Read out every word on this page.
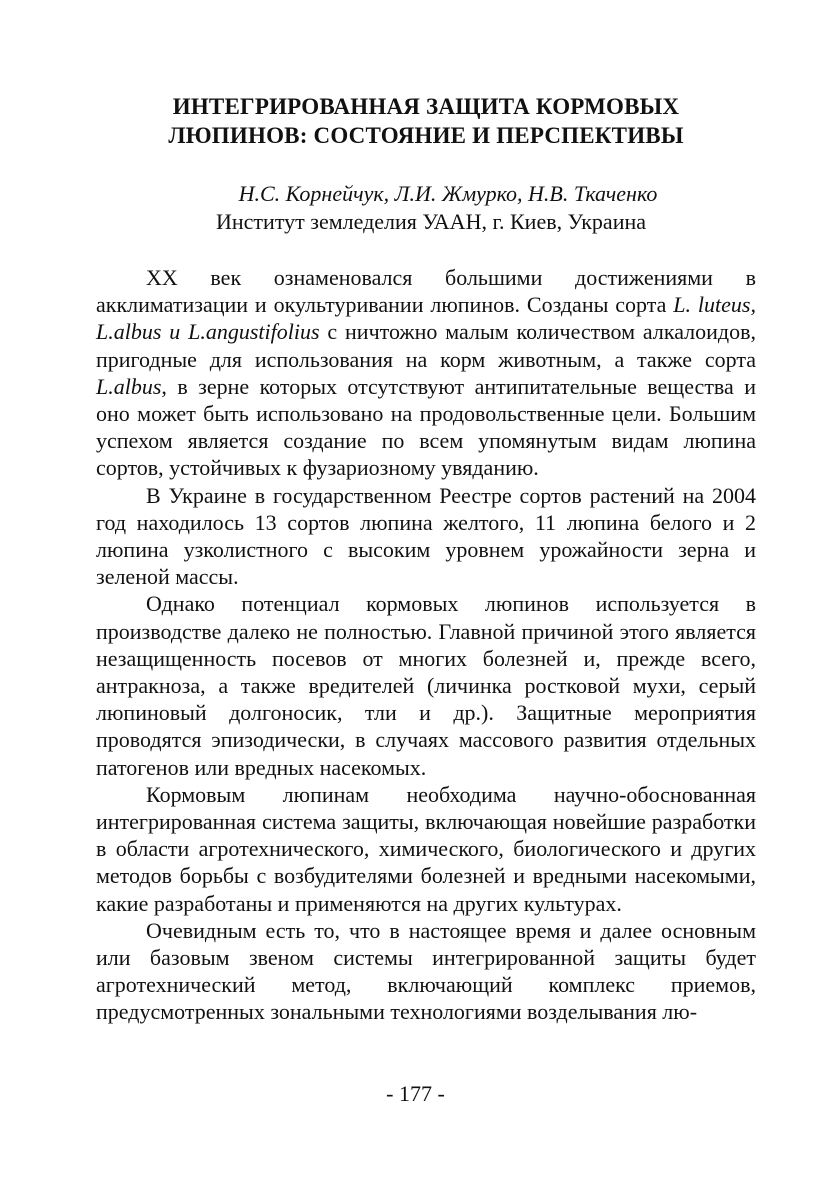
ИНТЕГРИРОВАННАЯ ЗАЩИТА КОРМОВЫХ
ЛЮПИНОВ: СОСТОЯНИЕ И ПЕРСПЕКТИВЫ
Н.С. Корнейчук, Л.И. Жмурко, Н.В. Ткаченко
Институт земледелия УААН, г. Киев, Украина

ХХ век ознаменовался большими достижениями в акклиматизации и окультуривании люпинов. Созданы сорта L. luteus, L.albus и L.angustifolius с ничтожно малым количеством алкалоидов, пригодные для использования на корм животным, а также сорта L.albus, в зерне которых отсутствуют антипитательные вещества и оно может быть использовано на продовольственные цели. Большим успехом является создание по всем упомянутым видам люпина сортов, устойчивых к фузариозному увяданию.

В Украине в государственном Реестре сортов растений на 2004 год находилось 13 сортов люпина желтого, 11 люпина белого и 2 люпина узколистного с высоким уровнем урожайности зерна и зеленой массы.

Однако потенциал кормовых люпинов используется в производстве далеко не полностью. Главной причиной этого является незащищенность посевов от многих болезней и, прежде всего, антракноза, а также вредителей (личинка ростковой мухи, серый люпиновый долгоносик, тли и др.). Защитные мероприятия проводятся эпизодически, в случаях массового развития отдельных патогенов или вредных насекомых.

Кормовым люпинам необходима научно-обоснованная интегрированная система защиты, включающая новейшие разработки в области агротехнического, химического, биологического и других методов борьбы с возбудителями болезней и вредными насекомыми, какие разработаны и применяются на других культурах.

Очевидным есть то, что в настоящее время и далее основным или базовым звеном системы интегрированной защиты будет агротехнический метод, включающий комплекс приемов, предусмотренных зональными технологиями возделывания лю-

- 177 -
